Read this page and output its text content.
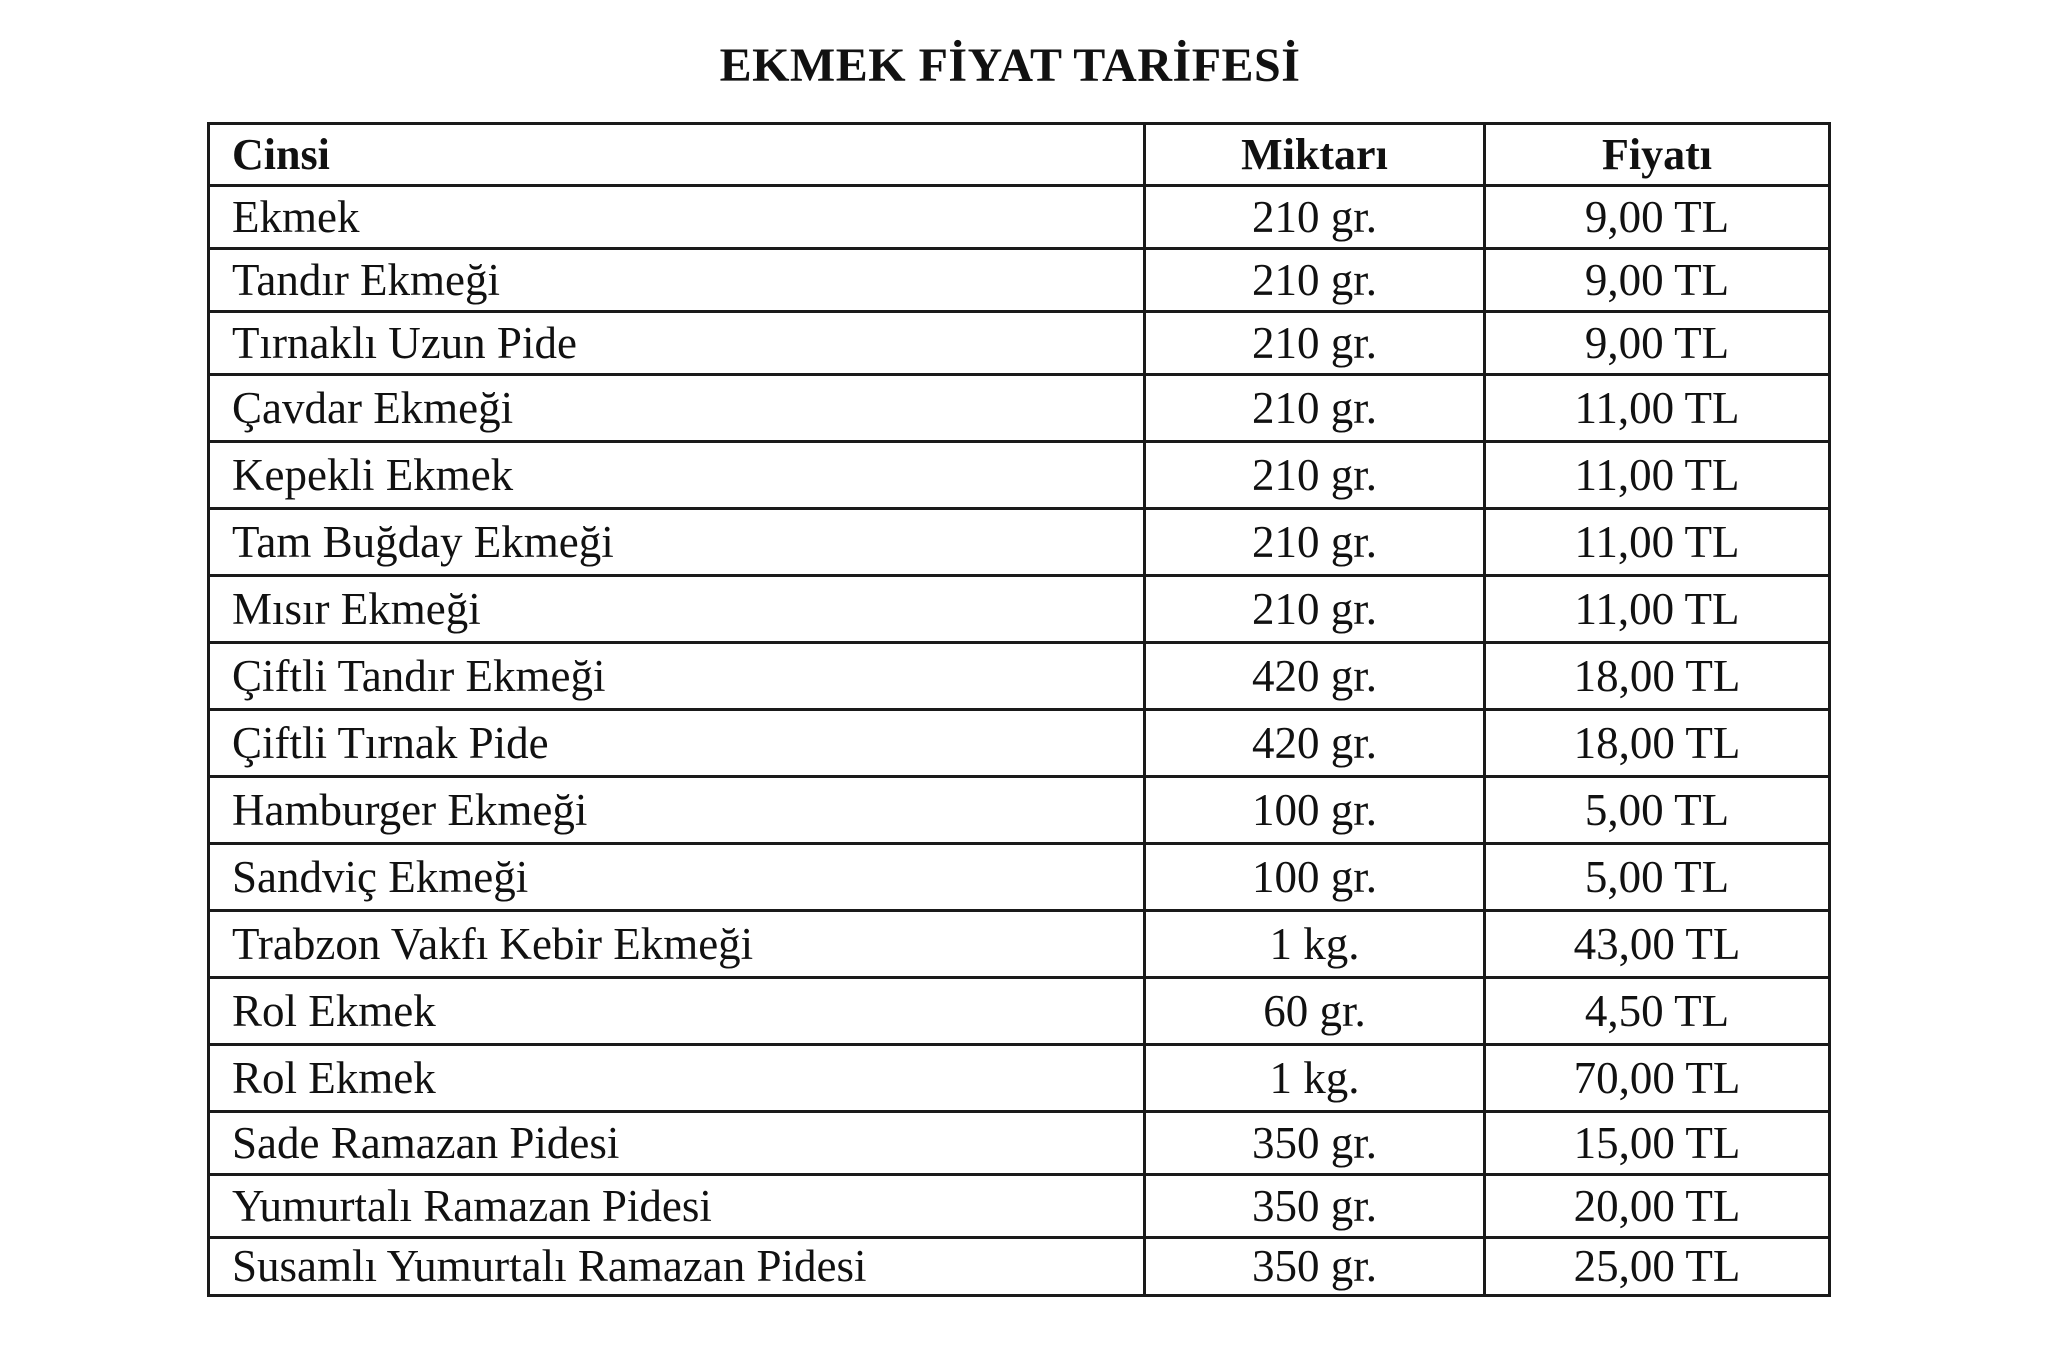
EKMEK FİYAT TARİFESİ
Cinsi	Miktarı	Fiyatı
Ekmek	210 gr.	9,00 TL
Tandır Ekmeği	210 gr.	9,00 TL
Tırnaklı Uzun Pide	210 gr.	9,00 TL
Çavdar Ekmeği	210 gr.	11,00 TL
Kepekli Ekmek	210 gr.	11,00 TL
Tam Buğday Ekmeği	210 gr.	11,00 TL
Mısır Ekmeği	210 gr.	11,00 TL
Çiftli Tandır Ekmeği	420 gr.	18,00 TL
Çiftli Tırnak Pide	420 gr.	18,00 TL
Hamburger Ekmeği	100 gr.	5,00 TL
Sandviç Ekmeği	100 gr.	5,00 TL
Trabzon Vakfı Kebir Ekmeği	1 kg.	43,00 TL
Rol Ekmek	60 gr.	4,50 TL
Rol Ekmek	1 kg.	70,00 TL
Sade Ramazan Pidesi	350 gr.	15,00 TL
Yumurtalı Ramazan Pidesi	350 gr.	20,00 TL
Susamlı Yumurtalı Ramazan Pidesi	350 gr.	25,00 TL
